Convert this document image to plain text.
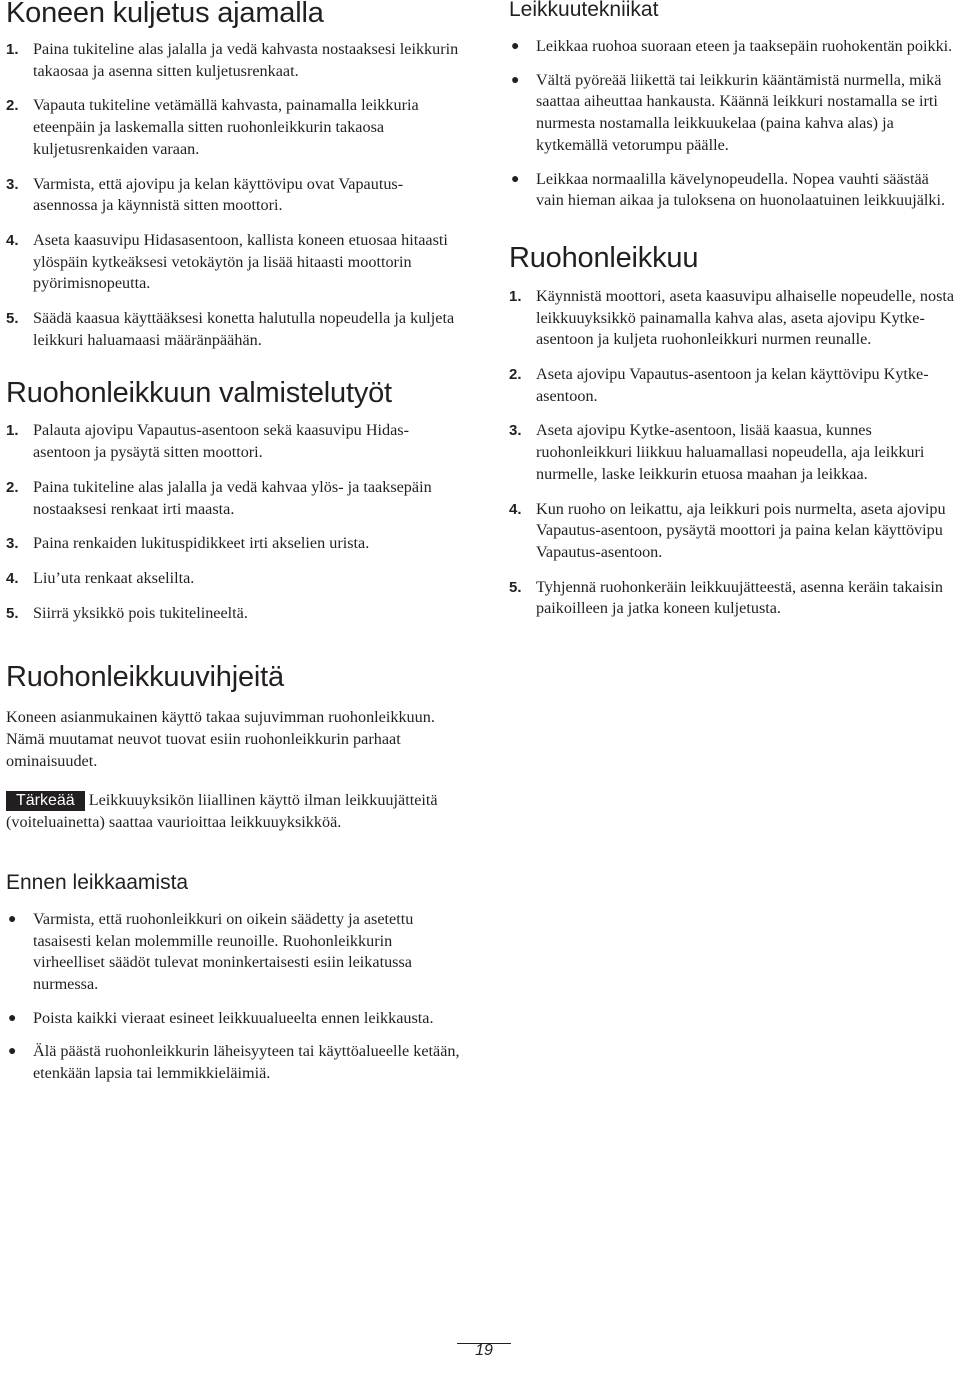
Koneen kuljetus ajamalla
1. Paina tukiteline alas jalalla ja vedä kahvasta nostaaksesi leikkurin takaosaa ja asenna sitten kuljetusrenkaat.
2. Vapauta tukiteline vetämällä kahvasta, painamalla leikkuria eteenpäin ja laskemalla sitten ruohonleikkurin takaosa kuljetusrenkaiden varaan.
3. Varmista, että ajovipu ja kelan käyttövipu ovat Vapautus-asennossa ja käynnistä sitten moottori.
4. Aseta kaasuvipu Hidasasentoon, kallista koneen etuosaa hitaasti ylöspäin kytkeäksesi vetokäytön ja lisää hitaasti moottorin pyörimisnopeutta.
5. Säädä kaasua käyttääksesi konetta halutulla nopeudella ja kuljeta leikkuri haluamaasi määränpäähän.
Ruohonleikkuun valmistelutyöt
1. Palauta ajovipu Vapautus-asentoon sekä kaasuvipu Hidas-asentoon ja pysäytä sitten moottori.
2. Paina tukiteline alas jalalla ja vedä kahvaa ylös- ja taaksepäin nostaaksesi renkaat irti maasta.
3. Paina renkaiden lukituspidikkeet irti akselien urista.
4. Liu’uta renkaat akselilta.
5. Siirrä yksikkö pois tukitelineeltä.
Ruohonleikkuuvihjeitä

Koneen asianmukainen käyttö takaa sujuvimman ruohonleikkuun. Nämä muutamat neuvot tuovat esiin ruohonleikkurin parhaat ominaisuudet.

Tärkeää Leikkuuyksikön liiallinen käyttö ilman leikkuujätteitä (voiteluainetta) saattaa vaurioittaa leikkuuyksikköä.

Ennen leikkaamista
● Varmista, että ruohonleikkuri on oikein säädetty ja asetettu tasaisesti kelan molemmille reunoille. Ruohonleikkurin virheelliset säädöt tulevat moninkertaisesti esiin leikatussa nurmessa.
● Poista kaikki vieraat esineet leikkuualueelta ennen leikkausta.
● Älä päästä ruohonleikkurin läheisyyteen tai käyttöalueelle ketään, etenkään lapsia tai lemmikkieläimiä.
Leikkuutekniikat
● Leikkaa ruohoa suoraan eteen ja taaksepäin ruohokentän poikki.
● Vältä pyöreää liikettä tai leikkurin kääntämistä nurmella, mikä saattaa aiheuttaa hankausta. Käännä leikkuri nostamalla se irti nurmesta nostamalla leikkuukelaa (paina kahva alas) ja kytkemällä vetorumpu päälle.
● Leikkaa normaalilla kävelynopeudella. Nopea vauhti säästää vain hieman aikaa ja tuloksena on huonolaatuinen leikkuujälki.
Ruohonleikkuu
1. Käynnistä moottori, aseta kaasuvipu alhaiselle nopeudelle, nosta leikkuuyksikkö painamalla kahva alas, aseta ajovipu Kytke-asentoon ja kuljeta ruohonleikkuri nurmen reunalle.
2. Aseta ajovipu Vapautus-asentoon ja kelan käyttövipu Kytke-asentoon.
3. Aseta ajovipu Kytke-asentoon, lisää kaasua, kunnes ruohonleikkuri liikkuu haluamallasi nopeudella, aja leikkuri nurmelle, laske leikkurin etuosa maahan ja leikkaa.
4. Kun ruoho on leikattu, aja leikkuri pois nurmelta, aseta ajovipu Vapautus-asentoon, pysäytä moottori ja paina kelan käyttövipu Vapautus-asentoon.
5. Tyhjennä ruohonkeräin leikkuujätteestä, asenna keräin takaisin paikoilleen ja jatka koneen kuljetusta.
19
